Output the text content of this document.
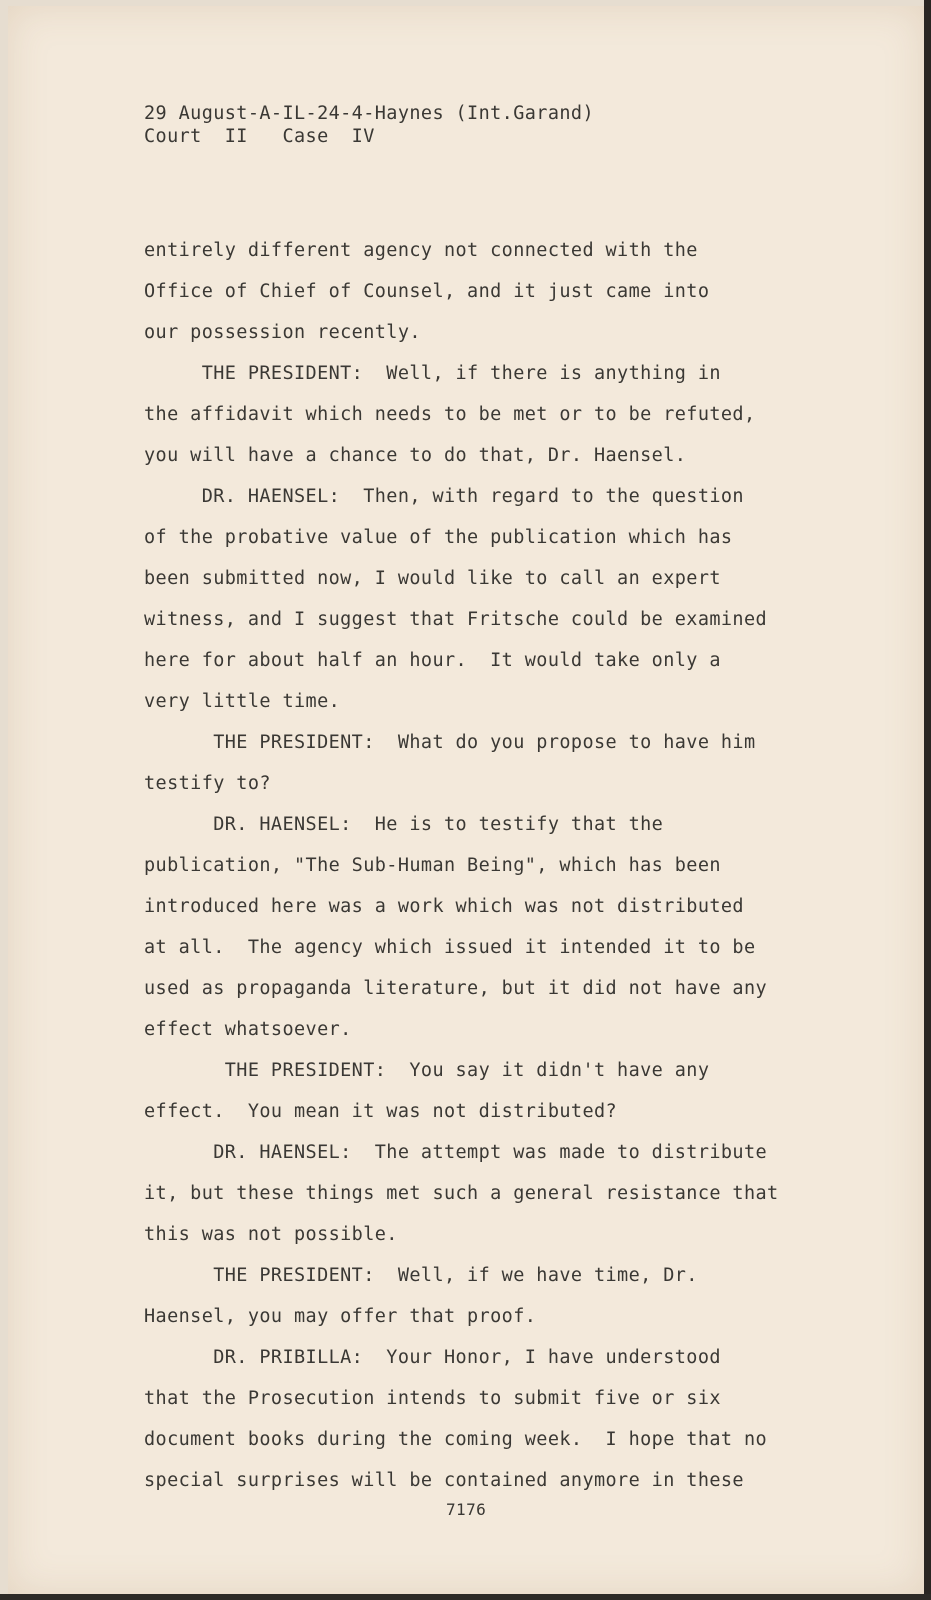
29 August-A-IL-24-4-Haynes (Int.Garand)
Court  II   Case  IV
entirely different agency not connected with the
Office of Chief of Counsel, and it just came into
our possession recently.
THE PRESIDENT:  Well, if there is anything in
the affidavit which needs to be met or to be refuted,
you will have a chance to do that, Dr. Haensel.
DR. HAENSEL:  Then, with regard to the question
of the probative value of the publication which has
been submitted now, I would like to call an expert
witness, and I suggest that Fritsche could be examined
here for about half an hour.  It would take only a
very little time.
THE PRESIDENT:  What do you propose to have him
testify to?
DR. HAENSEL:  He is to testify that the
publication, "The Sub-Human Being", which has been
introduced here was a work which was not distributed
at all.  The agency which issued it intended it to be
used as propaganda literature, but it did not have any
effect whatsoever.
THE PRESIDENT:  You say it didn't have any
effect.  You mean it was not distributed?
DR. HAENSEL:  The attempt was made to distribute
it, but these things met such a general resistance that
this was not possible.
THE PRESIDENT:  Well, if we have time, Dr.
Haensel, you may offer that proof.
DR. PRIBILLA:  Your Honor, I have understood
that the Prosecution intends to submit five or six
document books during the coming week.  I hope that no
special surprises will be contained anymore in these
7176
